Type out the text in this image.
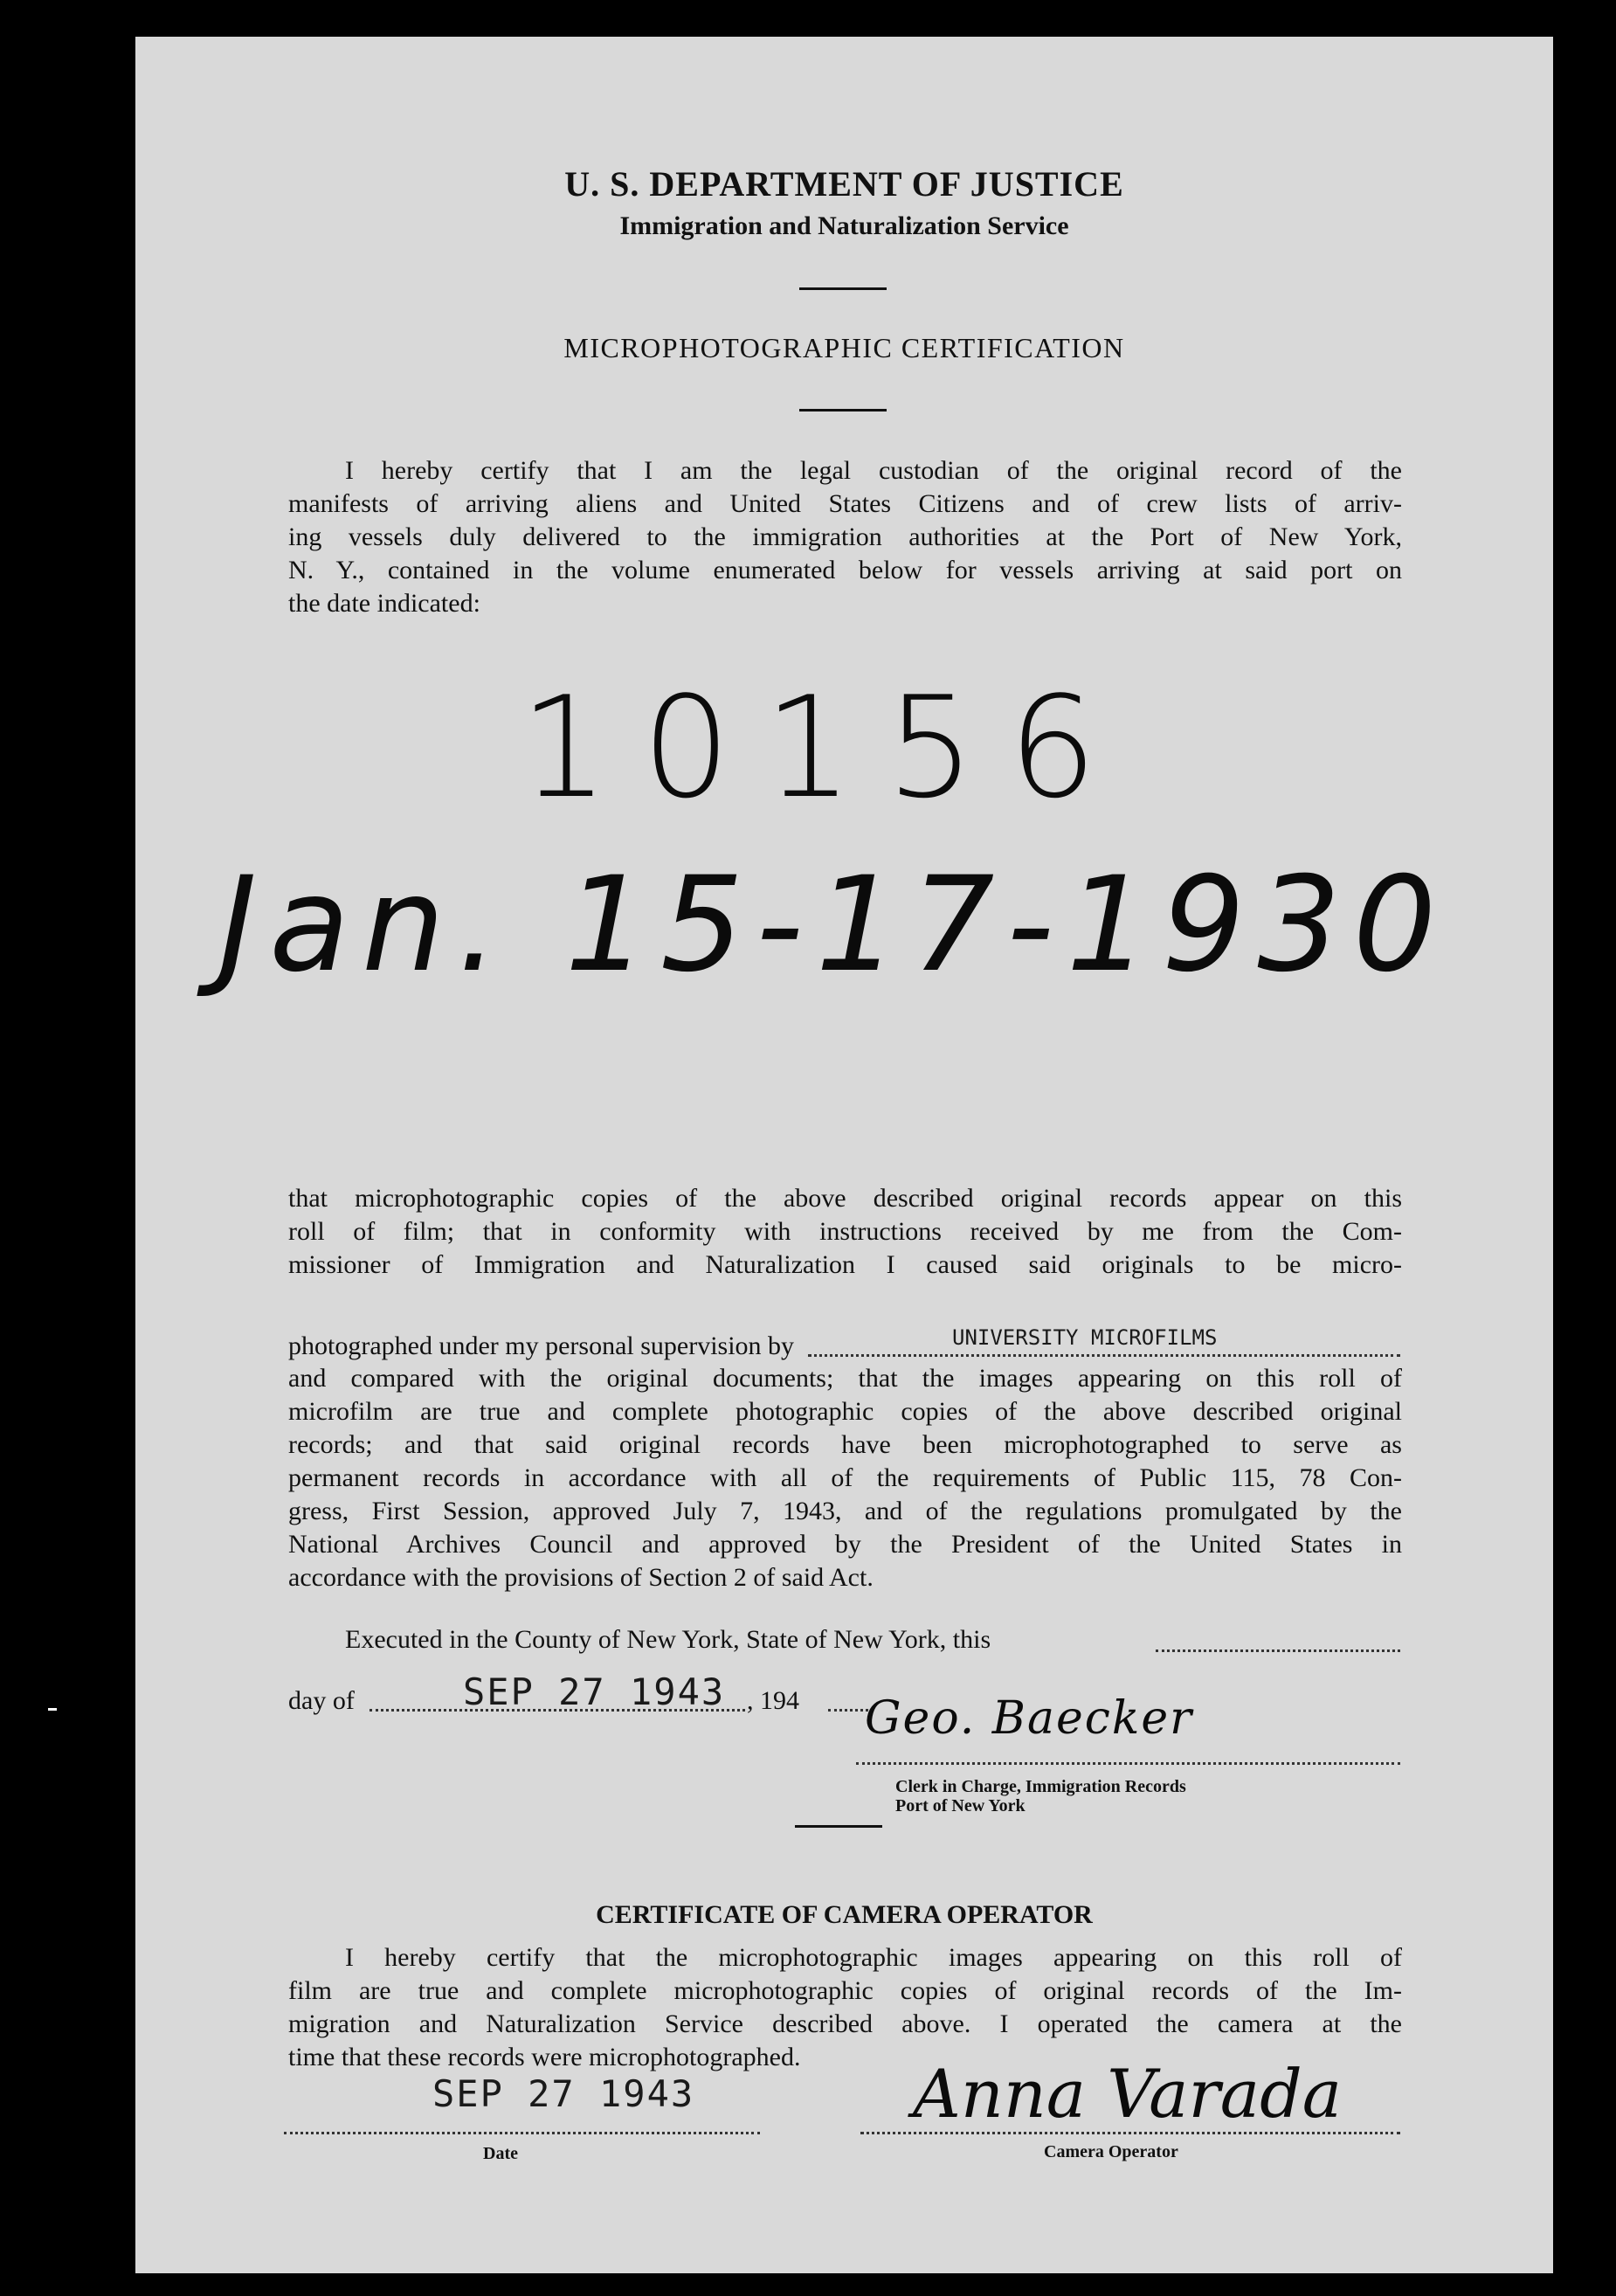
U. S. DEPARTMENT OF JUSTICE
Immigration and Naturalization Service
MICROPHOTOGRAPHIC CERTIFICATION
I hereby certify that I am the legal custodian of the original record of the
manifests of arriving aliens and United States Citizens and of crew lists of arriv-
ing vessels duly delivered to the immigration authorities at the Port of New York,
N. Y., contained in the volume enumerated below for vessels arriving at said port on
the date indicated:
10156
Jan. 15-17-1930
that microphotographic copies of the above described original records appear on this
roll of film; that in conformity with instructions received by me from the Com-
missioner of Immigration and Naturalization I caused said originals to be micro-
photographed under my personal supervision by	UNIVERSITY MICROFILMS
and compared with the original documents; that the images appearing on this roll of
microfilm are true and complete photographic copies of the above described original
records; and that said original records have been microphotographed to serve as
permanent records in accordance with all of the requirements of Public 115, 78 Con-
gress, First Session, approved July 7, 1943, and of the regulations promulgated by the
National Archives Council and approved by the President of the United States in
accordance with the provisions of Section 2 of said Act.
Executed in the County of New York, State of New York, this
day of	SEP 27 1943 , 194 Geo. Baecker
Clerk in Charge, Immigration Records
Port of New York
CERTIFICATE OF CAMERA OPERATOR
I hereby certify that the microphotographic images appearing on this roll of
film are true and complete microphotographic copies of original records of the Im-
migration and Naturalization Service described above. I operated the camera at the
time that these records were microphotographed.
SEP 27 1943
Date
Anna Varada
Camera Operator
